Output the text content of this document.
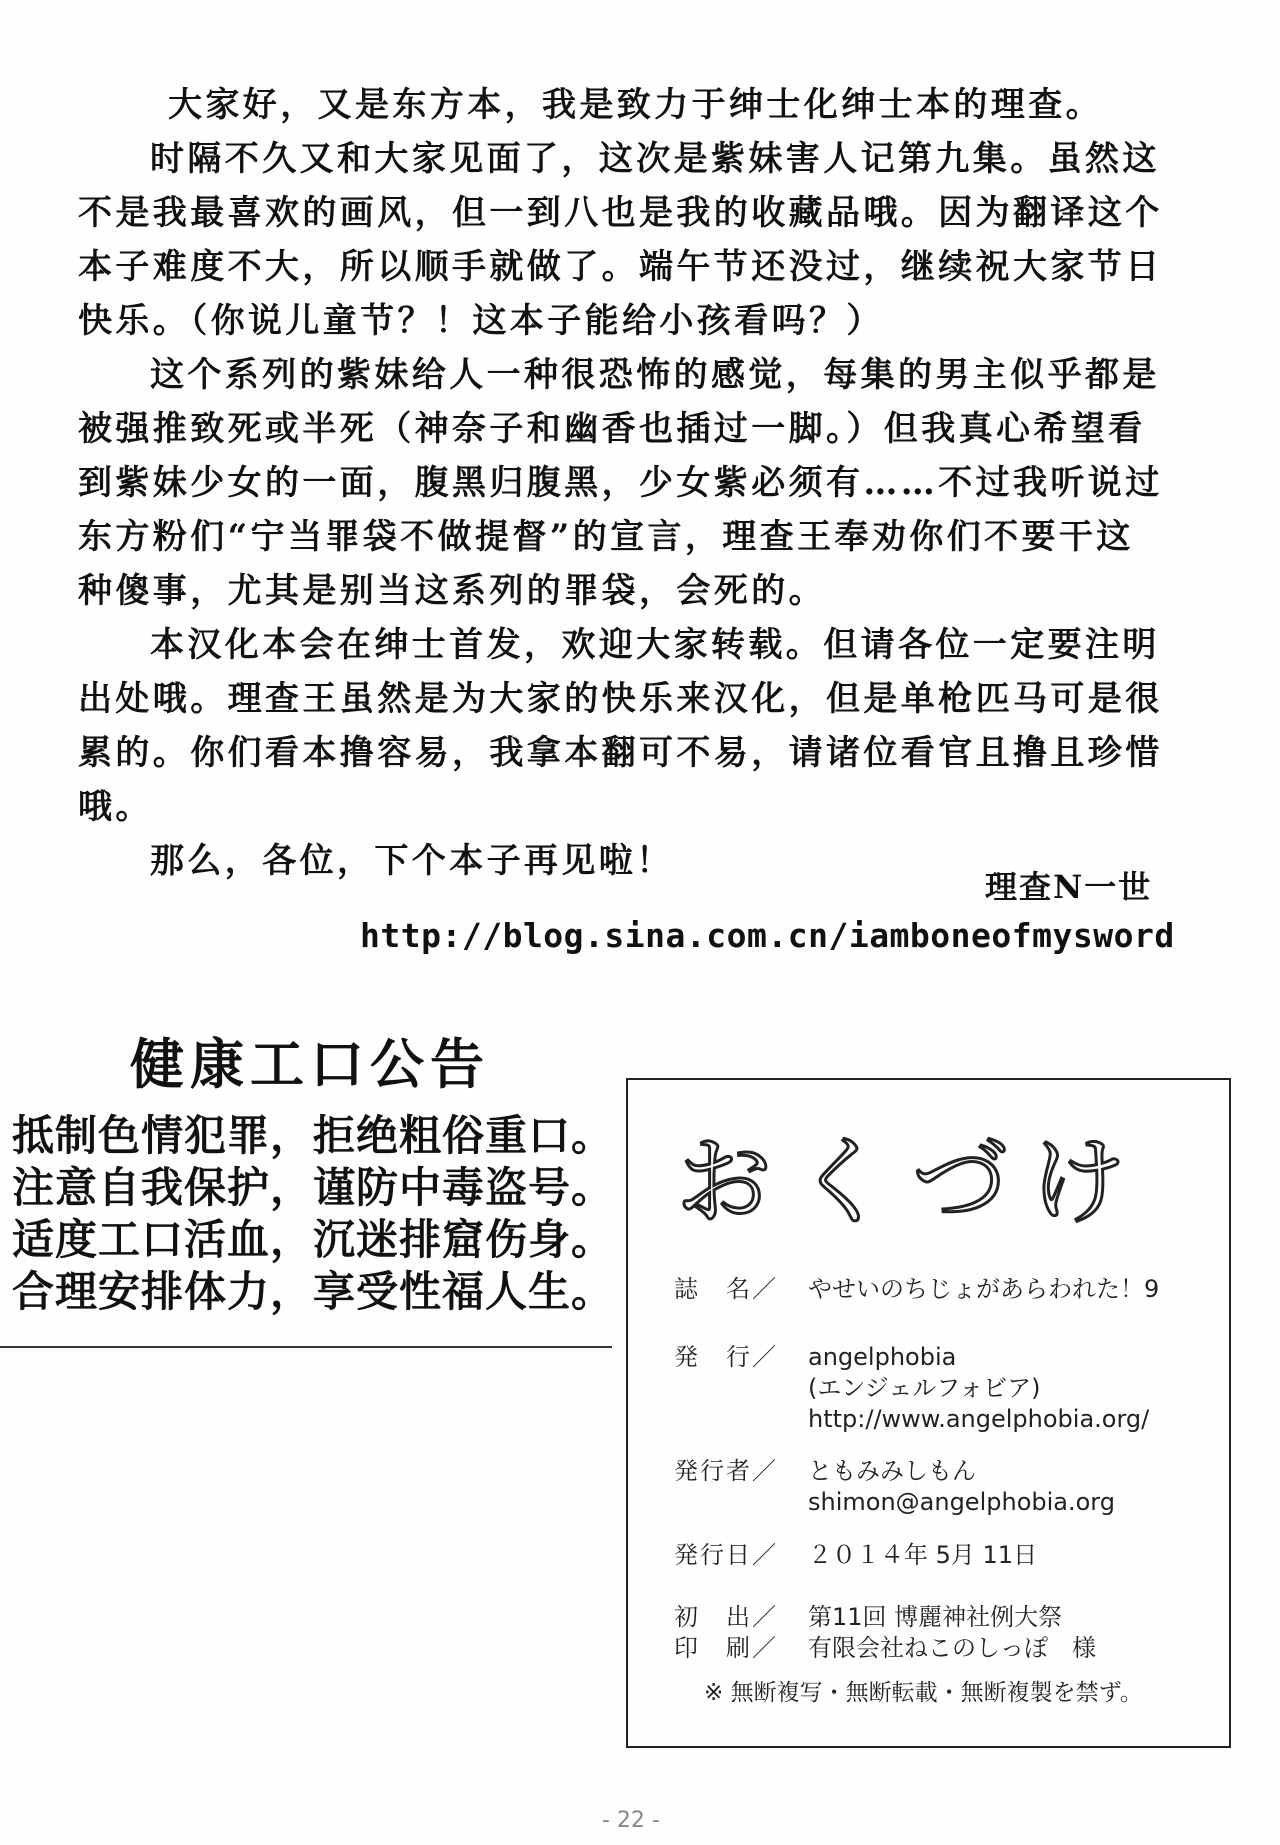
大家好，又是东方本，我是致力于绅士化绅士本的理查。

时隔不久又和大家见面了，这次是紫妹害人记第九集。虽然这

不是我最喜欢的画风，但一到八也是我的收藏品哦。因为翻译这个

本子难度不大，所以顺手就做了。端午节还没过，继续祝大家节日

快乐。（你说儿童节？！这本子能给小孩看吗？）

这个系列的紫妹给人一种很恐怖的感觉，每集的男主似乎都是

被强推致死或半死（神奈子和幽香也插过一脚。）但我真心希望看

到紫妹少女的一面，腹黑归腹黑，少女紫必须有……不过我听说过

东方粉们“宁当罪袋不做提督”的宣言，理查王奉劝你们不要干这

种傻事，尤其是别当这系列的罪袋，会死的。

本汉化本会在绅士首发，欢迎大家转载。但请各位一定要注明

出处哦。理查王虽然是为大家的快乐来汉化，但是单枪匹马可是很

累的。你们看本撸容易，我拿本翻可不易，请诸位看官且撸且珍惜

哦。

那么，各位，下个本子再见啦！

理查N一世
http://blog.sina.com.cn/iamboneofmysword
健康工口公告
抵制色情犯罪，拒绝粗俗重口。
注意自我保护，谨防中毒盗号。
适度工口活血，沉迷排窟伤身。
合理安排体力，享受性福人生。
おくづけ
誌　名／ やせいのちじょがあらわれた！9
発　行／ angelphobia
(エンジェルフォビア)
http://www.angelphobia.org/
発行者／ ともみみしもん
shimon@angelphobia.org
発行日／ ２０１４年 5月 11日
初　出／ 第11回 博麗神社例大祭
印　刷／ 有限会社ねこのしっぽ　様
※ 無断複写・無断転載・無断複製を禁ず。
- 22 -
